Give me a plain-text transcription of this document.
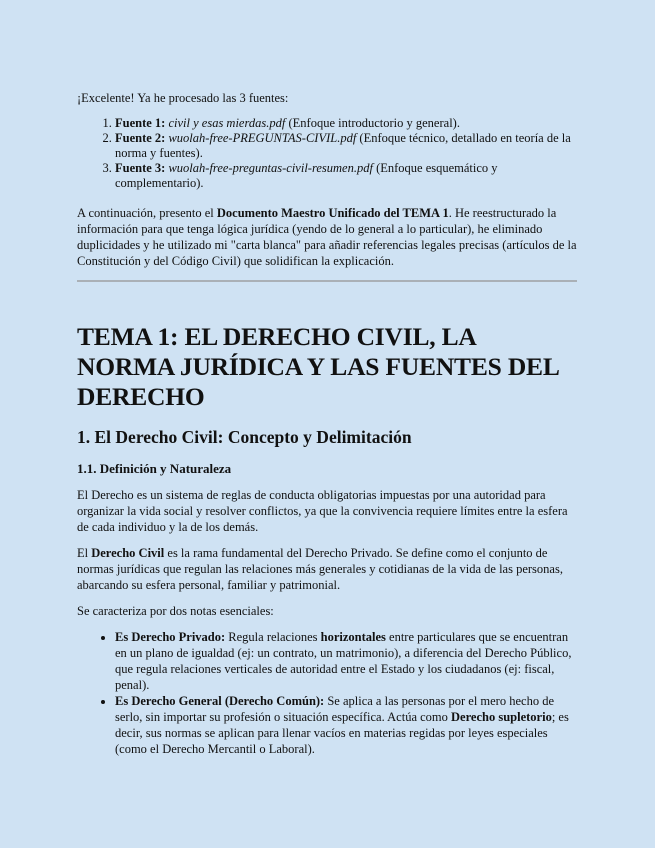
¡Excelente! Ya he procesado las 3 fuentes:

1. Fuente 1: civil y esas mierdas.pdf (Enfoque introductorio y general).
2. Fuente 2: wuolah-free-PREGUNTAS-CIVIL.pdf (Enfoque técnico, detallado en teoría de la norma y fuentes).
3. Fuente 3: wuolah-free-preguntas-civil-resumen.pdf (Enfoque esquemático y complementario).

A continuación, presento el Documento Maestro Unificado del TEMA 1. He reestructurado la información para que tenga lógica jurídica (yendo de lo general a lo particular), he eliminado duplicidades y he utilizado mi "carta blanca" para añadir referencias legales precisas (artículos de la Constitución y del Código Civil) que solidifican la explicación.

TEMA 1: EL DERECHO CIVIL, LA NORMA JURÍDICA Y LAS FUENTES DEL DERECHO
1. El Derecho Civil: Concepto y Delimitación
1.1. Definición y Naturaleza

El Derecho es un sistema de reglas de conducta obligatorias impuestas por una autoridad para organizar la vida social y resolver conflictos, ya que la convivencia requiere límites entre la esfera de cada individuo y la de los demás.

El Derecho Civil es la rama fundamental del Derecho Privado. Se define como el conjunto de normas jurídicas que regulan las relaciones más generales y cotidianas de la vida de las personas, abarcando su esfera personal, familiar y patrimonial.

Se caracteriza por dos notas esenciales:

• Es Derecho Privado: Regula relaciones horizontales entre particulares que se encuentran en un plano de igualdad (ej: un contrato, un matrimonio), a diferencia del Derecho Público, que regula relaciones verticales de autoridad entre el Estado y los ciudadanos (ej: fiscal, penal).
• Es Derecho General (Derecho Común): Se aplica a las personas por el mero hecho de serlo, sin importar su profesión o situación específica. Actúa como Derecho supletorio; es decir, sus normas se aplican para llenar vacíos en materias regidas por leyes especiales (como el Derecho Mercantil o Laboral).
